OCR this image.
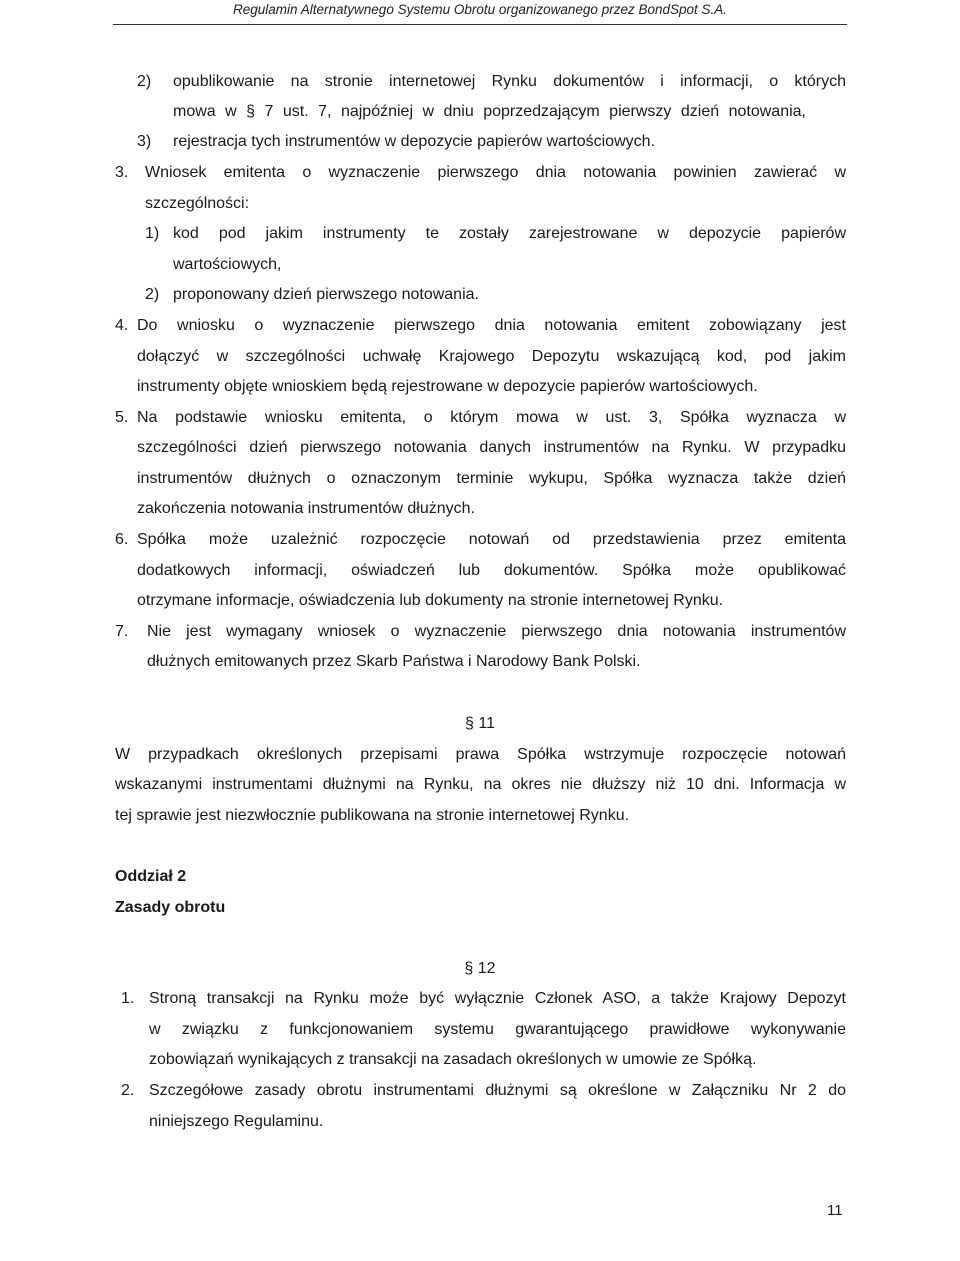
Regulamin Alternatywnego Systemu Obrotu organizowanego przez BondSpot S.A.
2) opublikowanie na stronie internetowej Rynku dokumentów i informacji, o których
mowa w § 7 ust. 7, najpóźniej w dniu poprzedzającym pierwszy dzień notowania,
3) rejestracja tych instrumentów w depozycie papierów wartościowych.
3. Wniosek emitenta o wyznaczenie pierwszego dnia notowania powinien zawierać w
szczególności:
1) kod pod jakim instrumenty te zostały zarejestrowane w depozycie papierów
wartościowych,
2) proponowany dzień pierwszego notowania.
4. Do wniosku o wyznaczenie pierwszego dnia notowania emitent zobowiązany jest
dołączyć w szczególności uchwałę Krajowego Depozytu wskazującą kod, pod jakim
instrumenty objęte wnioskiem będą rejestrowane w depozycie papierów wartościowych.
5. Na podstawie wniosku emitenta, o którym mowa w ust. 3, Spółka wyznacza w
szczególności dzień pierwszego notowania danych instrumentów na Rynku. W przypadku
instrumentów dłużnych o oznaczonym terminie wykupu, Spółka wyznacza także dzień
zakończenia notowania instrumentów dłużnych.
6. Spółka może uzależnić rozpoczęcie notowań od przedstawienia przez emitenta
dodatkowych informacji, oświadczeń lub dokumentów. Spółka może opublikować
otrzymane informacje, oświadczenia lub dokumenty na stronie internetowej Rynku.
7. Nie jest wymagany wniosek o wyznaczenie pierwszego dnia notowania instrumentów
dłużnych emitowanych przez Skarb Państwa i Narodowy Bank Polski.
§ 11
W przypadkach określonych przepisami prawa Spółka wstrzymuje rozpoczęcie notowań
wskazanymi instrumentami dłużnymi na Rynku, na okres nie dłuższy niż 10 dni. Informacja w
tej sprawie jest niezwłocznie publikowana na stronie internetowej Rynku.
Oddział 2
Zasady obrotu
§ 12
1. Stroną transakcji na Rynku może być wyłącznie Członek ASO, a także Krajowy Depozyt
w związku z funkcjonowaniem systemu gwarantującego prawidłowe wykonywanie
zobowiązań wynikających z transakcji na zasadach określonych w umowie ze Spółką.
2. Szczegółowe zasady obrotu instrumentami dłużnymi są określone w Załączniku Nr 2 do
niniejszego Regulaminu.
11
